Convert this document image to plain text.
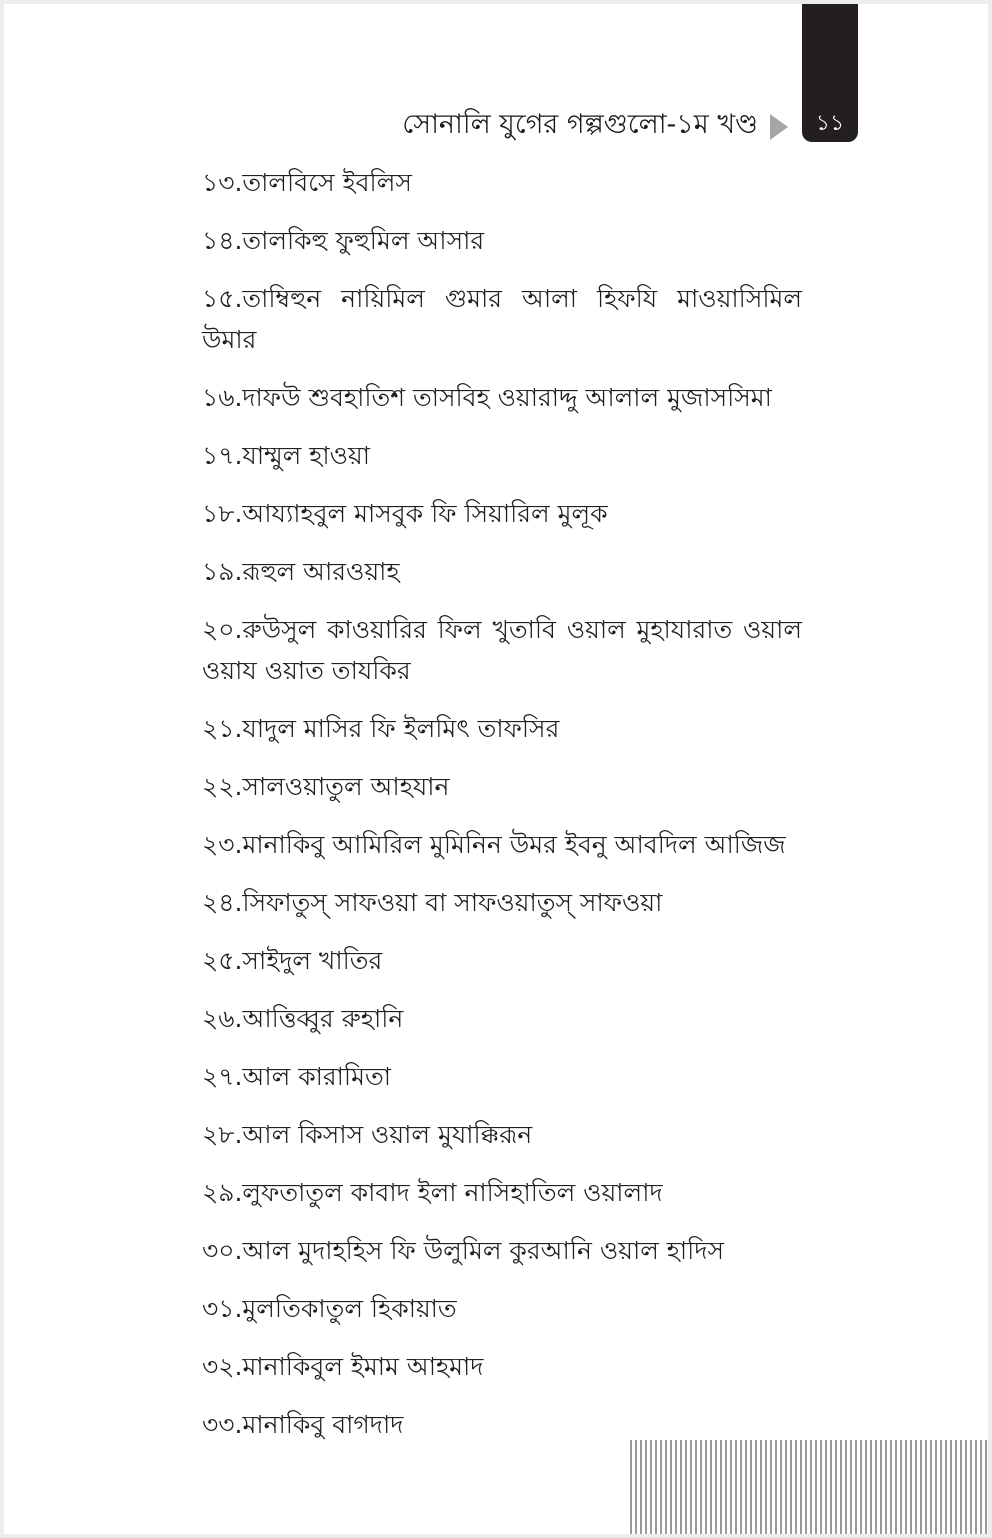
সোনালি যুগের গল্পগুলো-১ম খণ্ড	১১
১৩.তালবিসে ইবলিস
১৪.তালকিহু ফুহুমিল আসার
১৫.তাম্বিহুন নায়িমিল গুমার আলা হিফযি মাওয়াসিমিল উমার
১৬.দাফউ শুবহাতিশ তাসবিহ ওয়ারাদ্দু আলাল মুজাসসিমা
১৭.যাম্মুল হাওয়া
১৮.আয্যাহবুল মাসবুক ফি সিয়ারিল মুলূক
১৯.রূহুল আরওয়াহ
২০.রুউসুল কাওয়ারির ফিল খুতাবি ওয়াল মুহাযারাত ওয়াল ওয়ায ওয়াত তাযকির
২১.যাদুল মাসির ফি ইলমিৎ তাফসির
২২.সালওয়াতুল আহযান
২৩.মানাকিবু আমিরিল মুমিনিন উমর ইবনু আবদিল আজিজ
২৪.সিফাতুস্ সাফওয়া বা সাফওয়াতুস্ সাফওয়া
২৫.সাইদুল খাতির
২৬.আত্তিব্বুর রুহানি
২৭.আল কারামিতা
২৮.আল কিসাস ওয়াল মুযাক্কিরূন
২৯.লুফতাতুল কাবাদ ইলা নাসিহাতিল ওয়ালাদ
৩০.আল মুদাহহিস ফি উলুমিল কুরআনি ওয়াল হাদিস
৩১.মুলতিকাতুল হিকায়াত
৩২.মানাকিবুল ইমাম আহমাদ
৩৩.মানাকিবু বাগদাদ
